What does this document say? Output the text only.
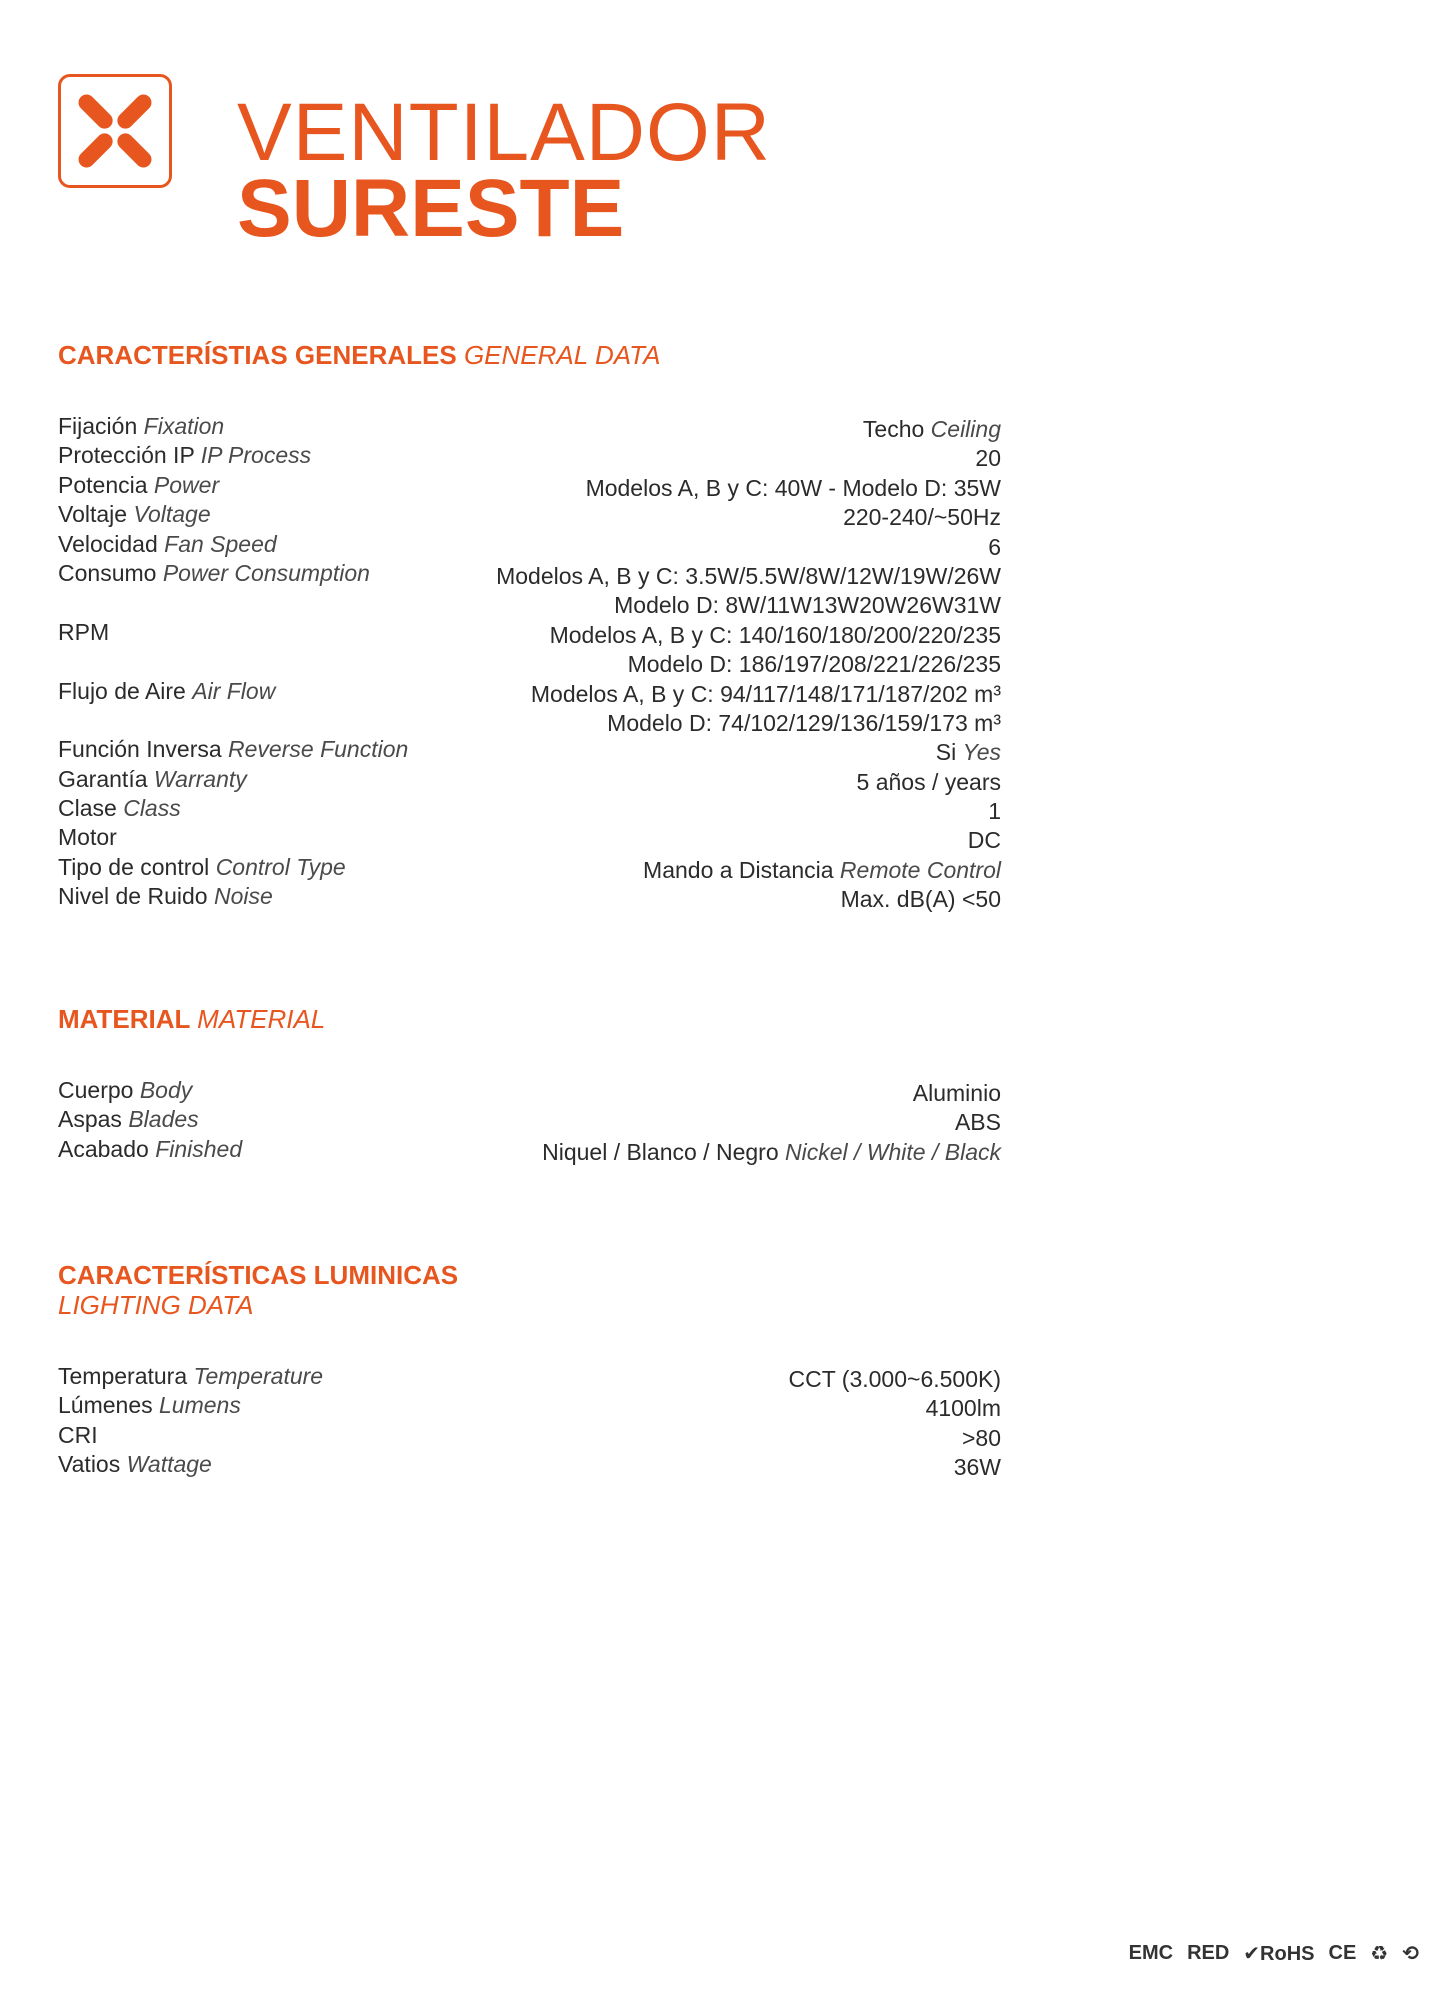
VENTILADOR
SURESTE
CARACTERÍSTIAS GENERALES GENERAL DATA
Fijación Fixation	Techo Ceiling
Protección IP IP Process	20
Potencia Power	Modelos A, B y C: 40W - Modelo D: 35W
Voltaje Voltage	220-240/~50Hz
Velocidad Fan Speed	6
Consumo Power Consumption	Modelos A, B y C: 3.5W/5.5W/8W/12W/19W/26W
Modelo D: 8W/11W13W20W26W31W
RPM	Modelos A, B y C: 140/160/180/200/220/235
Modelo D: 186/197/208/221/226/235
Flujo de Aire Air Flow	Modelos A, B y C: 94/117/148/171/187/202 m³
Modelo D: 74/102/129/136/159/173 m³
Función Inversa Reverse Function	Si Yes
Garantía Warranty	5 años / years
Clase Class	1
Motor	DC
Tipo de control Control Type	Mando a Distancia Remote Control
Nivel de Ruido Noise	Max. dB(A) <50
MATERIAL MATERIAL
Cuerpo Body	Aluminio
Aspas Blades	ABS
Acabado Finished	Niquel / Blanco / Negro Nickel / White / Black
CARACTERÍSTICAS LUMINICAS
LIGHTING DATA
Temperatura Temperature	CCT (3.000~6.500K)
Lúmenes Lumens	4100lm
CRI	>80
Vatios Wattage	36W
EMC RED ✔RoHS CE ♻ ⟲
